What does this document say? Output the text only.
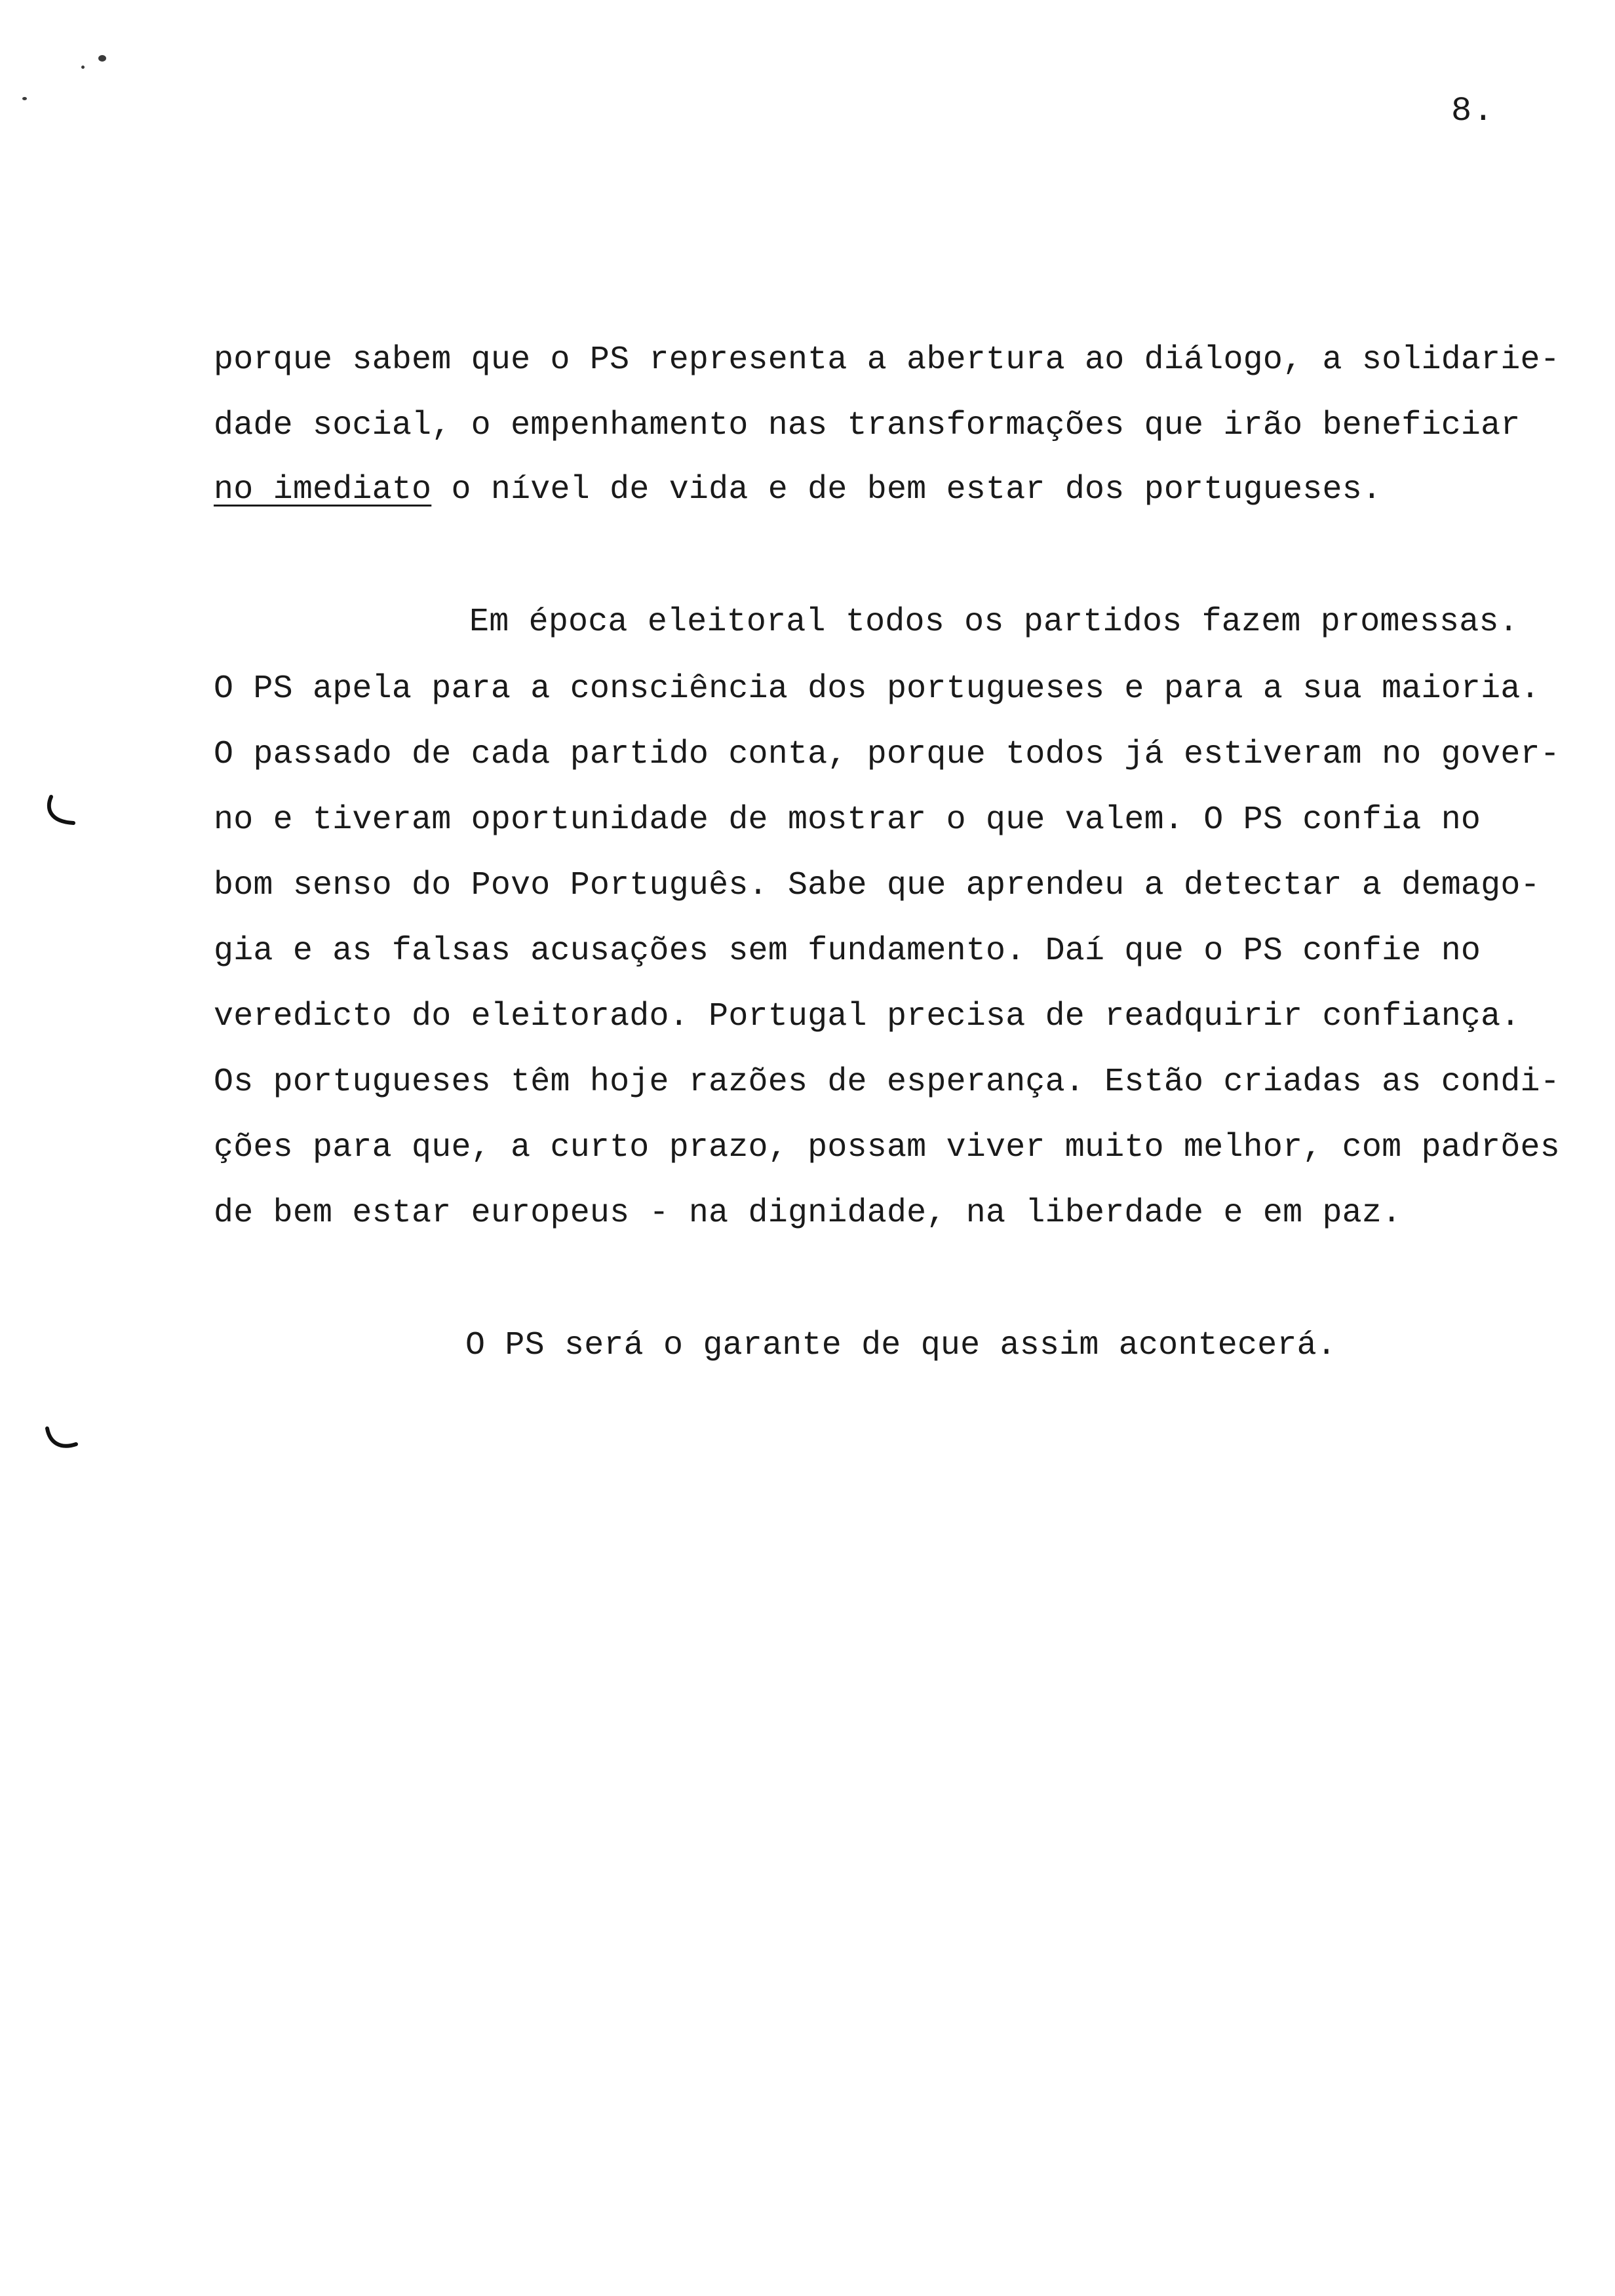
8.
porque sabem que o PS representa a abertura ao diálogo, a solidarie-
dade social, o empenhamento nas transformações que irão beneficiar
no imediato o nível de vida e de bem estar dos portugueses.
Em época eleitoral todos os partidos fazem promessas.
O PS apela para a consciência dos portugueses e para a sua maioria.
O passado de cada partido conta, porque todos já estiveram no gover-
no e tiveram oportunidade de mostrar o que valem. O PS confia no
bom senso do Povo Português. Sabe que aprendeu a detectar a demago-
gia e as falsas acusações sem fundamento. Daí que o PS confie no
veredicto do eleitorado. Portugal precisa de readquirir confiança.
Os portugueses têm hoje razões de esperança. Estão criadas as condi-
ções para que, a curto prazo, possam viver muito melhor, com padrões
de bem estar europeus - na dignidade, na liberdade e em paz.
O PS será o garante de que assim acontecerá.
